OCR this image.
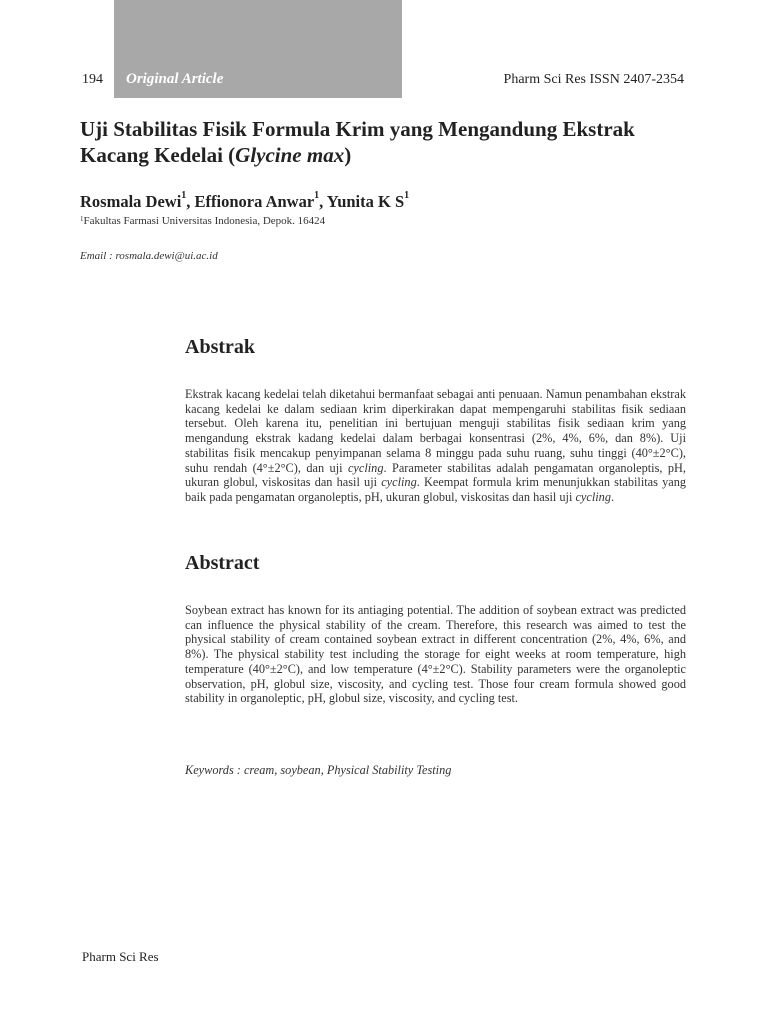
194 Original Article	Pharm Sci Res ISSN 2407-2354
Uji Stabilitas Fisik Formula Krim yang Mengandung Ekstrak Kacang Kedelai (Glycine max)
Rosmala Dewi$^1$, Effionora Anwar$^1$, Yunita K $S^1$
$^1$Fakultas Farmasi Universitas Indonesia, Depok. 16424
Email : rosmala.dewi@ui.ac.id
Abstrak

Ekstrak kacang kedelai telah diketahui bermanfaat sebagai anti penuaan. Namun penambahan ekstrak kacang kedelai ke dalam sediaan krim diperkirakan dapat mempengaruhi stabilitas fisik sediaan tersebut. Oleh karena itu, penelitian ini bertujuan menguji stabilitas fisik sediaan krim yang mengandung ekstrak kadang kedelai dalam berbagai konsentrasi (2%, 4%, 6%, dan 8%). Uji stabilitas fisik mencakup penyimpanan selama 8 minggu pada suhu ruang, suhu tinggi (40°±2°C), suhu rendah (4°±2°C), dan uji cycling. Parameter stabilitas adalah pengamatan organoleptis, pH, ukuran globul, viskositas dan hasil uji cycling. Keempat formula krim menunjukkan stabilitas yang baik pada pengamatan organoleptis, pH, ukuran globul, viskositas dan hasil uji cycling.

Abstract

Soybean extract has known for its antiaging potential. The addition of soybean extract was predicted can influence the physical stability of the cream. Therefore, this research was aimed to test the physical stability of cream contained soybean extract in different concentration (2%, 4%, 6%, and 8%). The physical stability test including the storage for eight weeks at room temperature, high temperature (40°±2°C), and low temperature (4°±2°C). Stability parameters were the organoleptic observation, pH, globul size, viscosity, and cycling test. Those four cream formula showed good stability in organoleptic, pH, globul size, viscosity, and cycling test.

Keywords : cream, soybean, Physical Stability Testing
Pharm Sci Res
